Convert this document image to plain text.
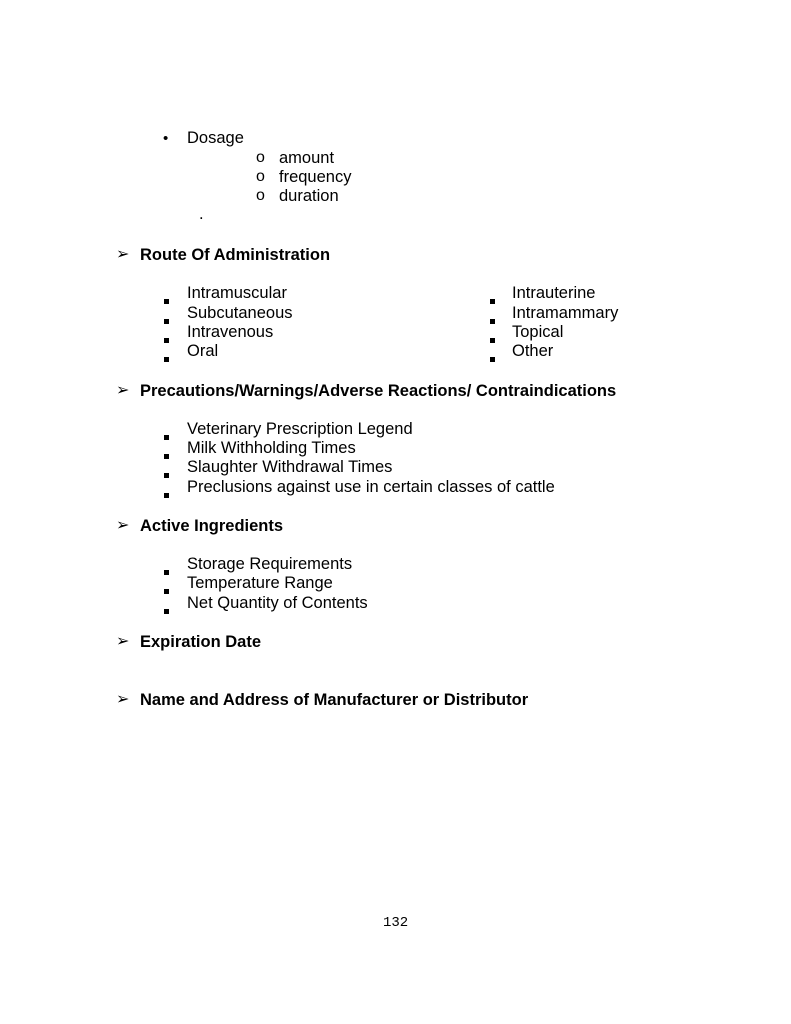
• Dosage
o amount
o frequency
o duration
.
➢ Route Of Administration
Intramuscular
Subcutaneous
Intravenous
Oral
Intrauterine
Intramammary
Topical
Other
➢ Precautions/Warnings/Adverse Reactions/ Contraindications
Veterinary Prescription Legend
Milk Withholding Times
Slaughter Withdrawal Times
Preclusions against use in certain classes of cattle
➢ Active Ingredients
Storage Requirements
Temperature Range
Net Quantity of Contents
➢ Expiration Date
➢ Name and Address of Manufacturer or Distributor
132
